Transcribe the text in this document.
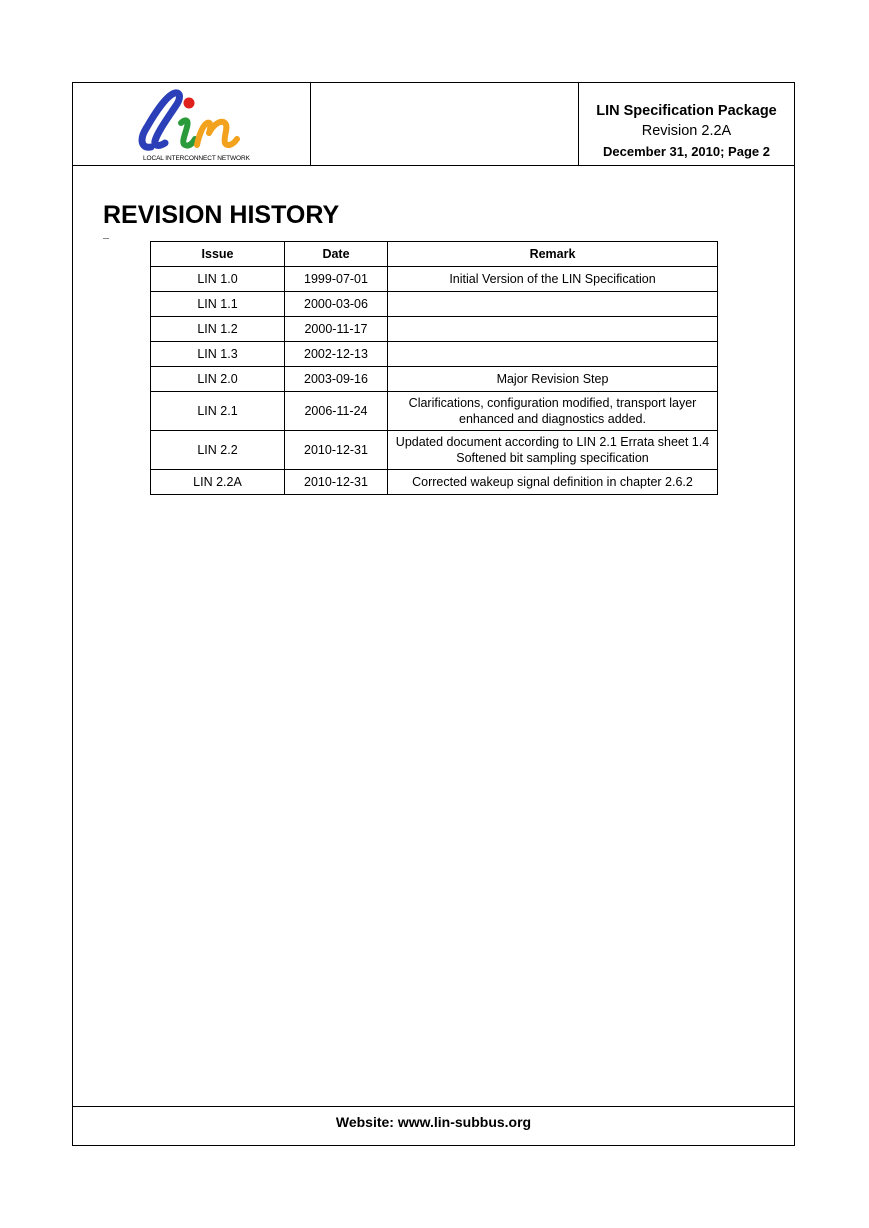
LOCAL INTERCONNECT NETWORK
LIN Specification Package
Revision 2.2A
December 31, 2010; Page 2
Website: www.lin-subbus.org
REVISION HISTORY
Issue	Date	Remark
LIN 1.0	1999-07-01	Initial Version of the LIN Specification
LIN 1.1	2000-03-06	
LIN 1.2	2000-11-17	
LIN 1.3	2002-12-13	
LIN 2.0	2003-09-16	Major Revision Step
LIN 2.1	2006-11-24	Clarifications, configuration modified, transport layer
enhanced and diagnostics added.

LIN 2.2	2010-12-31	Updated document according to LIN 2.1 Errata sheet 1.4
Softened bit sampling specification

LIN 2.2A	2010-12-31	Corrected wakeup signal definition in chapter 2.6.2
